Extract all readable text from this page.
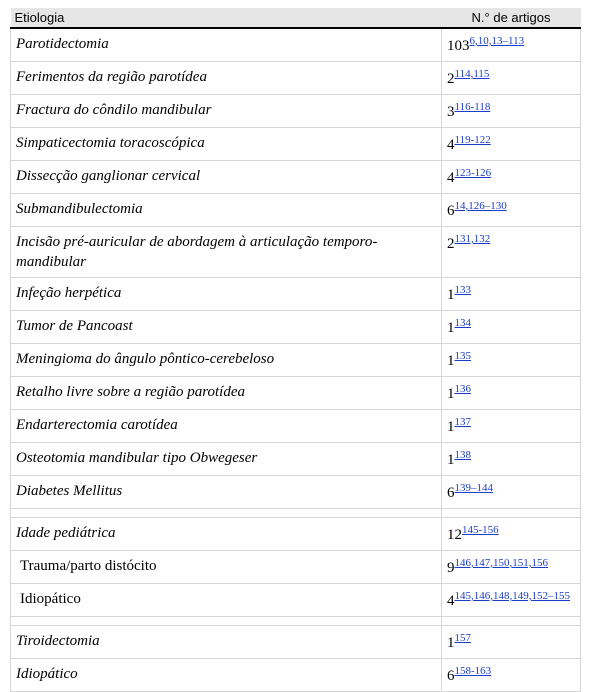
Etiologia	N.° de artigos
Parotidectomia	103$^{6,10,13-113}$
Ferimentos da região parotídea	2$^{114,115}$
Fractura do côndilo mandibular	3$^{116-118}$
Simpaticectomia toracoscópica	4$^{119-122}$
Dissecção ganglionar cervical	4$^{123-126}$
Submandibulectomia	6$^{14,126-130}$
Incisão pré-auricular de abordagem à articulação temporo-mandibular	2$^{131,132}$
Infeção herpética	1$^{133}$
Tumor de Pancoast	1$^{134}$
Meningioma do ângulo pôntico-cerebeloso	1$^{135}$
Retalho livre sobre a região parotídea	1$^{136}$
Endarterectomia carotídea	1$^{137}$
Osteotomia mandibular tipo Obwegeser	1$^{138}$
Diabetes Mellitus	6$^{139-144}$

Idade pediátrica	12$^{145-156}$
Trauma/parto distócito	9$^{146,147,150,151,156}$
Idiopático	4$^{145,146,148,149,152-155}$

Tiroidectomia	1$^{157}$
Idiopático	6$^{158-163}$
